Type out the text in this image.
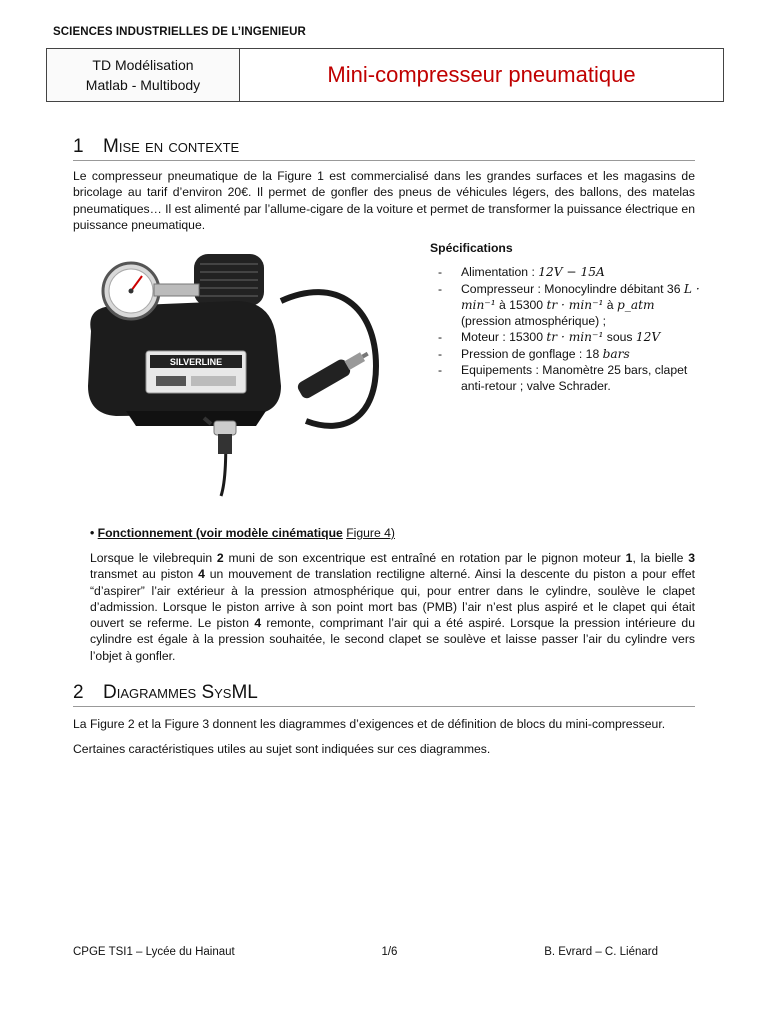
SCIENCES INDUSTRIELLES DE L’INGENIEUR
TD Modélisation
Matlab - Multibody	Mini-compresseur pneumatique
1 Mise en contexte
Le compresseur pneumatique de la Figure 1 est commercialisé dans les grandes surfaces et les magasins de bricolage au tarif d’environ 20€. Il permet de gonfler des pneus de véhicules légers, des ballons, des matelas pneumatiques… Il est alimenté par l’allume-cigare de la voiture et permet de transformer la puissance électrique en puissance pneumatique.
SILVERLINE
Spécifications
- Alimentation : 12V − 15A
- Compresseur : Monocylindre débitant 36 L · min⁻¹ à 15300 tr · min⁻¹ à p_atm (pression atmosphérique) ;
- Moteur : 15300 tr · min⁻¹ sous 12V
- Pression de gonflage : 18 bars
- Equipements : Manomètre 25 bars, clapet anti-retour ; valve Schrader.
• Fonctionnement (voir modèle cinématique Figure 4)
Lorsque le vilebrequin 2 muni de son excentrique est entraîné en rotation par le pignon moteur 1, la bielle 3 transmet au piston 4 un mouvement de translation rectiligne alterné. Ainsi la descente du piston a pour effet “d’aspirer” l’air extérieur à la pression atmosphérique qui, pour entrer dans le cylindre, soulève le clapet d’admission. Lorsque le piston arrive à son point mort bas (PMB) l’air n’est plus aspiré et le clapet qui était ouvert se referme. Le piston 4 remonte, comprimant l’air qui a été aspiré. Lorsque la pression intérieure du cylindre est égale à la pression souhaitée, le second clapet se soulève et laisse passer l’air du cylindre vers l’objet à gonfler.
2 Diagrammes SysML
La Figure 2 et la Figure 3 donnent les diagrammes d’exigences et de définition de blocs du mini-compresseur.
Certaines caractéristiques utiles au sujet sont indiquées sur ces diagrammes.
CPGE TSI1 – Lycée du Hainaut	1/6	B. Evrard – C. Liénard
